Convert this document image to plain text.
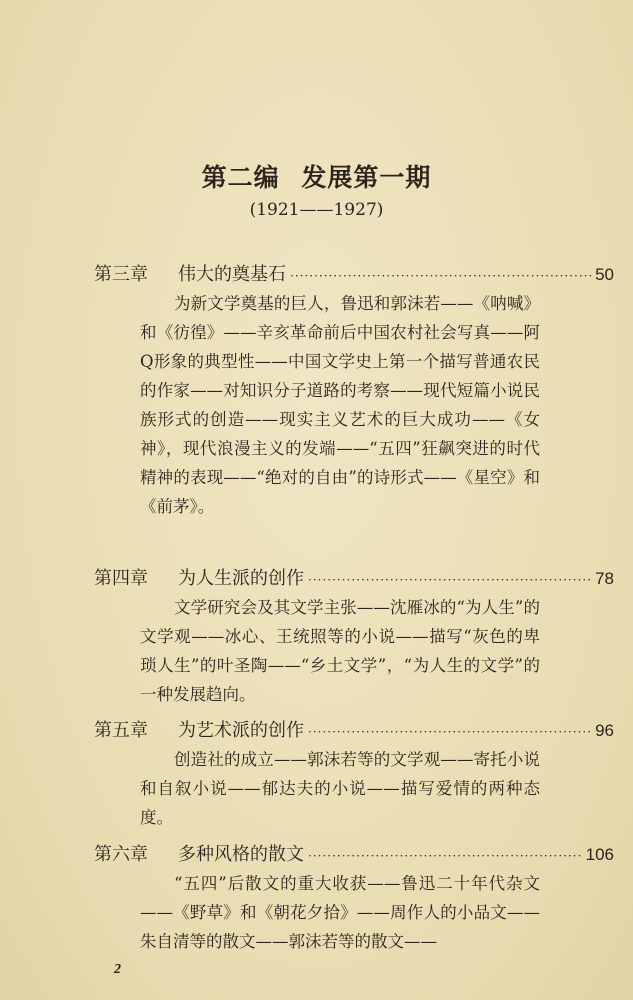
第二编 发展第一期
(1921——1927)
第三章	伟大的奠基石 ·····	50
为新文学奠基的巨人，鲁迅和郭沫若——《呐喊》和《彷徨》——辛亥革命前后中国农村社会写真——阿Q形象的典型性——中国文学史上第一个描写普通农民的作家——对知识分子道路的考察——现代短篇小说民族形式的创造——现实主义艺术的巨大成功——《女神》，现代浪漫主义的发端——“五四”狂飙突进的时代精神的表现——“绝对的自由”的诗形式——《星空》和《前茅》。
第四章	为人生派的创作 ·····	78
文学研究会及其文学主张——沈雁冰的“为人生”的文学观——冰心、王统照等的小说——描写“灰色的卑琐人生”的叶圣陶——“乡土文学”，“为人生的文学”的一种发展趋向。
第五章	为艺术派的创作 ·····	96
创造社的成立——郭沫若等的文学观——寄托小说和自叙小说——郁达夫的小说——描写爱情的两种态度。
第六章	多种风格的散文 ·····	106
“五四”后散文的重大收获——鲁迅二十年代杂文——《野草》和《朝花夕拾》——周作人的小品文——朱自清等的散文——郭沫若等的散文——
2
